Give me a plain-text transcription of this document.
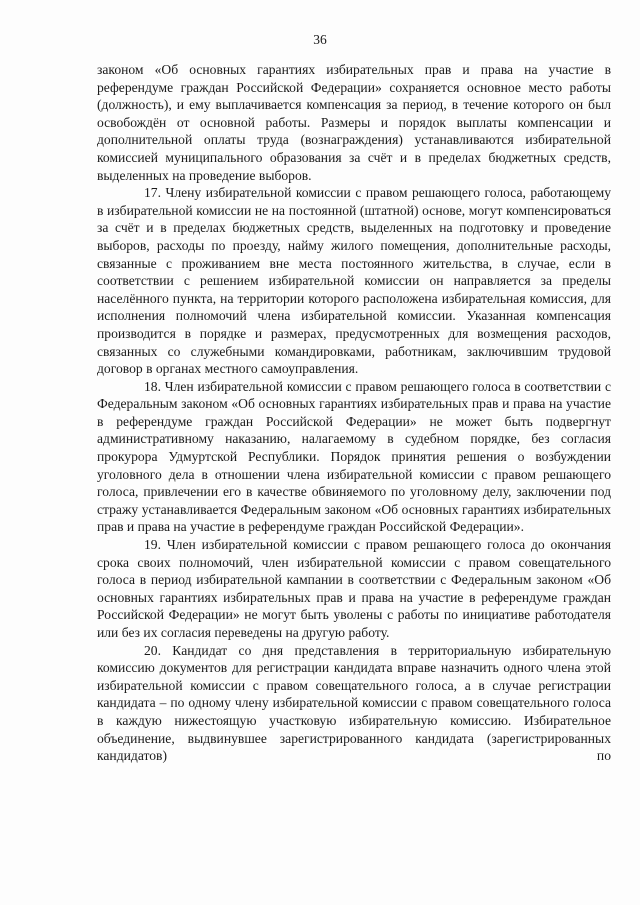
36

законом «Об основных гарантиях избирательных прав и права на участие в референдуме граждан Российской Федерации» сохраняется основное место работы (должность), и ему выплачивается компенсация за период, в течение которого он был освобождён от основной работы. Размеры и порядок выплаты компенсации и дополнительной оплаты труда (вознаграждения) устанавливаются избирательной комиссией муниципального образования за счёт и в пределах бюджетных средств, выделенных на проведение выборов.

17. Члену избирательной комиссии с правом решающего голоса, работающему в избирательной комиссии не на постоянной (штатной) основе, могут компенсироваться за счёт и в пределах бюджетных средств, выделенных на подготовку и проведение выборов, расходы по проезду, найму жилого помещения, дополнительные расходы, связанные с проживанием вне места постоянного жительства, в случае, если в соответствии с решением избирательной комиссии он направляется за пределы населённого пункта, на территории которого расположена избирательная комиссия, для исполнения полномочий члена избирательной комиссии. Указанная компенсация производится в порядке и размерах, предусмотренных для возмещения расходов, связанных со служебными командировками, работникам, заключившим трудовой договор в органах местного самоуправления.

18. Член избирательной комиссии с правом решающего голоса в соответствии с Федеральным законом «Об основных гарантиях избирательных прав и права на участие в референдуме граждан Российской Федерации» не может быть подвергнут административному наказанию, налагаемому в судебном порядке, без согласия прокурора Удмуртской Республики. Порядок принятия решения о возбуждении уголовного дела в отношении члена избирательной комиссии с правом решающего голоса, привлечении его в качестве обвиняемого по уголовному делу, заключении под стражу устанавливается Федеральным законом «Об основных гарантиях избирательных прав и права на участие в референдуме граждан Российской Федерации».

19. Член избирательной комиссии с правом решающего голоса до окончания срока своих полномочий, член избирательной комиссии с правом совещательного голоса в период избирательной кампании в соответствии с Федеральным законом «Об основных гарантиях избирательных прав и права на участие в референдуме граждан Российской Федерации» не могут быть уволены с работы по инициативе работодателя или без их согласия переведены на другую работу.

20. Кандидат со дня представления в территориальную избирательную комиссию документов для регистрации кандидата вправе назначить одного члена этой избирательной комиссии с правом совещательного голоса, а в случае регистрации кандидата – по одному члену избирательной комиссии с правом совещательного голоса в каждую нижестоящую участковую избирательную комиссию. Избирательное объединение, выдвинувшее зарегистрированного кандидата (зарегистрированных кандидатов) по
